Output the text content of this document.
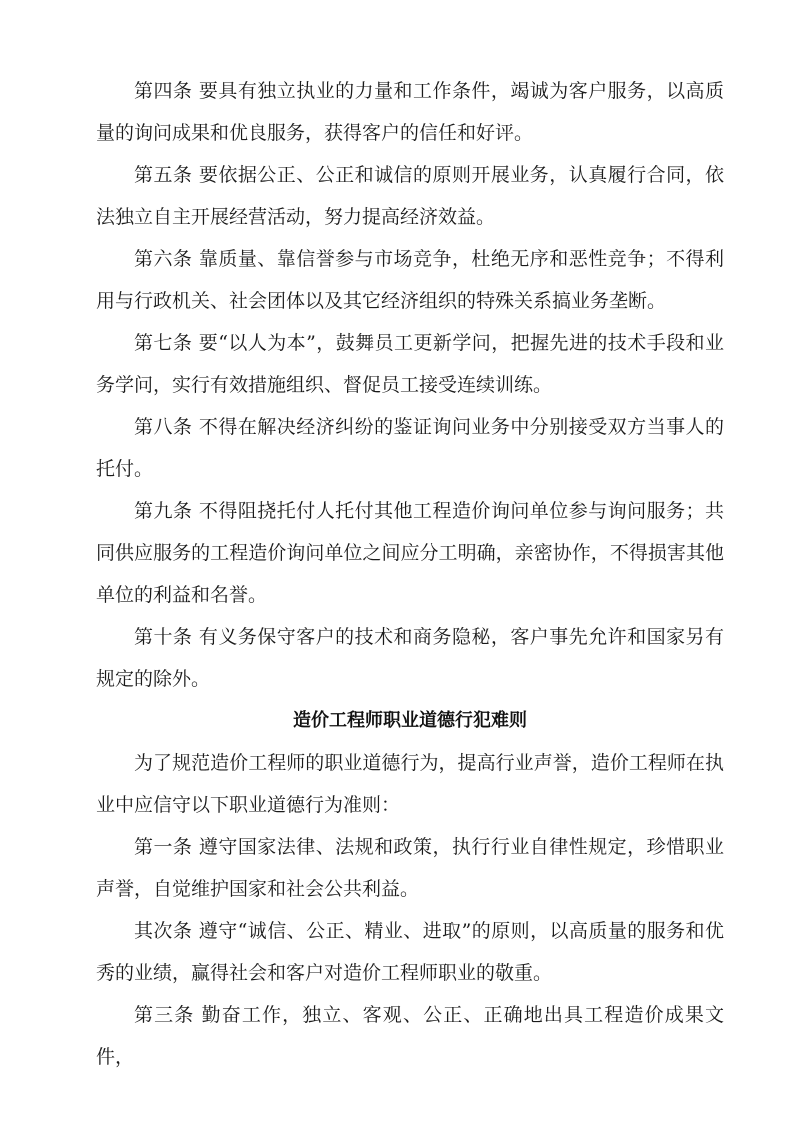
第四条 要具有独立执业的力量和工作条件，竭诚为客户服务，以高质量的询问成果和优良服务，获得客户的信任和好评。

第五条 要依据公正、公正和诚信的原则开展业务，认真履行合同，依法独立自主开展经营活动，努力提高经济效益。

第六条 靠质量、靠信誉参与市场竞争，杜绝无序和恶性竞争；不得利用与行政机关、社会团体以及其它经济组织的特殊关系搞业务垄断。

第七条 要“以人为本”，鼓舞员工更新学问，把握先进的技术手段和业务学问，实行有效措施组织、督促员工接受连续训练。

第八条 不得在解决经济纠纷的鉴证询问业务中分别接受双方当事人的托付。

第九条 不得阻挠托付人托付其他工程造价询问单位参与询问服务；共同供应服务的工程造价询问单位之间应分工明确，亲密协作，不得损害其他单位的利益和名誉。

第十条 有义务保守客户的技术和商务隐秘，客户事先允许和国家另有规定的除外。

造价工程师职业道德行犯难则

为了规范造价工程师的职业道德行为，提高行业声誉，造价工程师在执业中应信守以下职业道德行为准则：

第一条 遵守国家法律、法规和政策，执行行业自律性规定，珍惜职业声誉，自觉维护国家和社会公共利益。

其次条 遵守“诚信、公正、精业、进取”的原则，以高质量的服务和优秀的业绩，赢得社会和客户对造价工程师职业的敬重。

第三条 勤奋工作，独立、客观、公正、正确地出具工程造价成果文件，
